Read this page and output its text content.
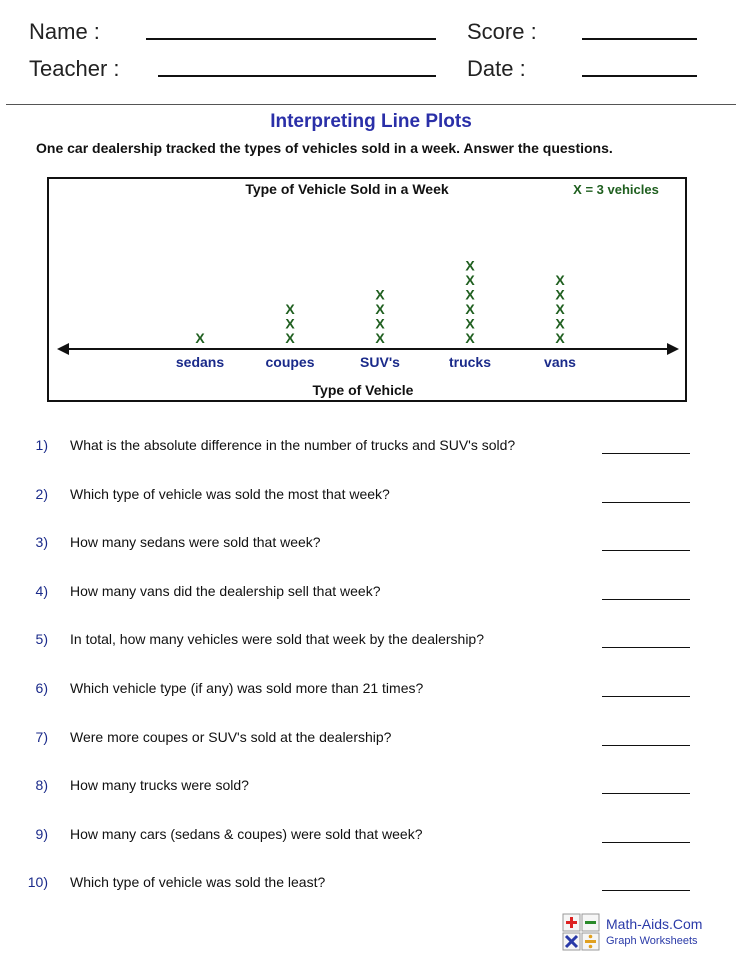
Name :	Score :
Teacher :	Date :
Interpreting Line Plots
One car dealership tracked the types of vehicles sold in a week. Answer the questions.
Type of Vehicle Sold in a Week	X = 3 vehicles
X	X
X
X
X
X
X
X
X
X
X
X
X
X
X
X
X
X
X
sedans	coupes	SUV's	trucks	vans
Type of Vehicle
1) What is the absolute difference in the number of trucks and SUV's sold?
2) Which type of vehicle was sold the most that week?
3) How many sedans were sold that week?
4) How many vans did the dealership sell that week?
5) In total, how many vehicles were sold that week by the dealership?
6) Which vehicle type (if any) was sold more than 21 times?
7) Were more coupes or SUV's sold at the dealership?
8) How many trucks were sold?
9) How many cars (sedans & coupes) were sold that week?
10) Which type of vehicle was sold the least?
Math-Aids.Com
Graph Worksheets
